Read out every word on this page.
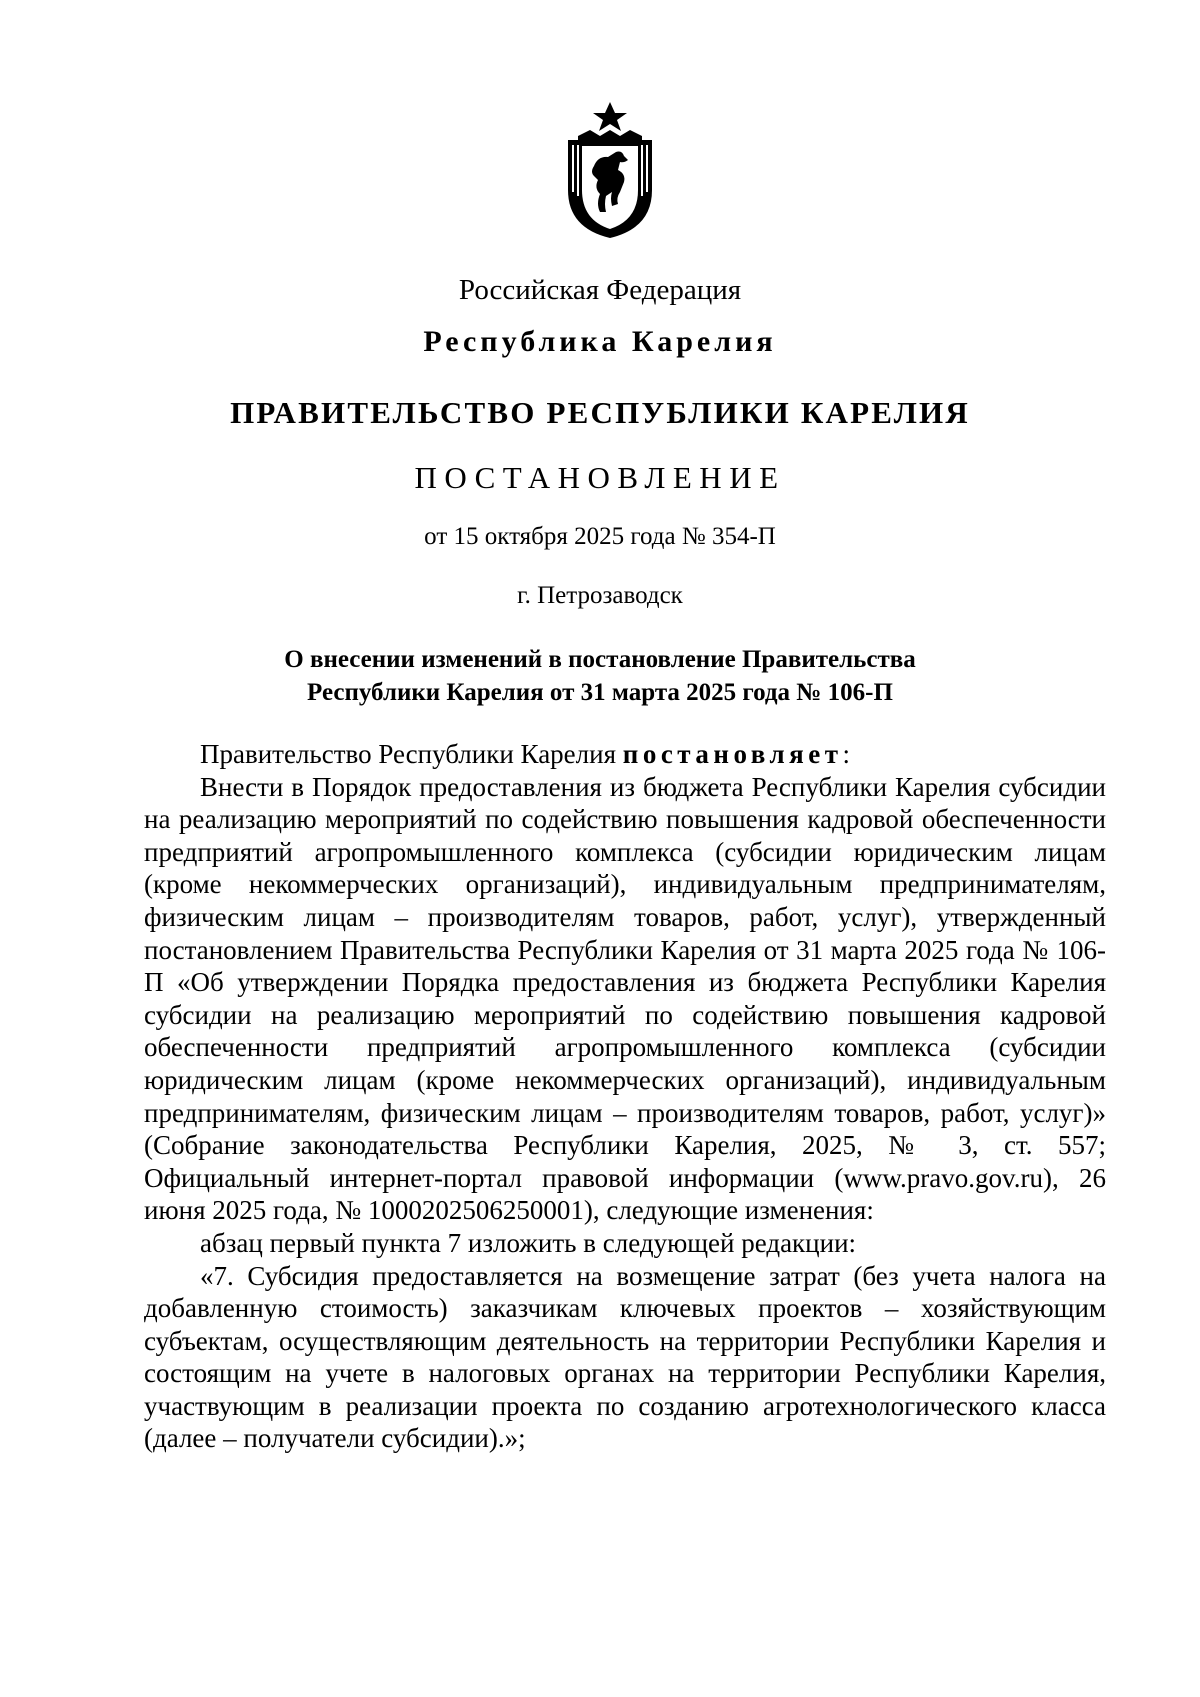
Российская Федерация

Республика Карелия

ПРАВИТЕЛЬСТВО РЕСПУБЛИКИ КАРЕЛИЯ

ПОСТАНОВЛЕНИЕ

от 15 октября 2025 года № 354-П

г. Петрозаводск

О внесении изменений в постановление Правительства
Республики Карелия от 31 марта 2025 года № 106-П

Правительство Республики Карелия постановляет:

Внести в Порядок предоставления из бюджета Республики Карелия субсидии на реализацию мероприятий по содействию повышения кадровой обеспеченности предприятий агропромышленного комплекса (субсидии юридическим лицам (кроме некоммерческих организаций), индивидуальным предпринимателям, физическим лицам – производителям товаров, работ, услуг), утвержденный постановлением Правительства Республики Карелия от 31 марта 2025 года № 106-П «Об утверждении Порядка предоставления из бюджета Республики Карелия субсидии на реализацию мероприятий по содействию повышения кадровой обеспеченности предприятий агропромышленного комплекса (субсидии юридическим лицам (кроме некоммерческих организаций), индивидуальным предпринимателям, физическим лицам – производителям товаров, работ, услуг)» (Собрание законодательства Республики Карелия, 2025, № 3, ст. 557; Официальный интернет-портал правовой информации (www.pravo.gov.ru), 26 июня 2025 года, № 1000202506250001), следующие изменения:

абзац первый пункта 7 изложить в следующей редакции:

«7. Субсидия предоставляется на возмещение затрат (без учета налога на добавленную стоимость) заказчикам ключевых проектов – хозяйствующим субъектам, осуществляющим деятельность на территории Республики Карелия и состоящим на учете в налоговых органах на территории Республики Карелия, участвующим в реализации проекта по созданию агротехнологического класса (далее – получатели субсидии).»;
